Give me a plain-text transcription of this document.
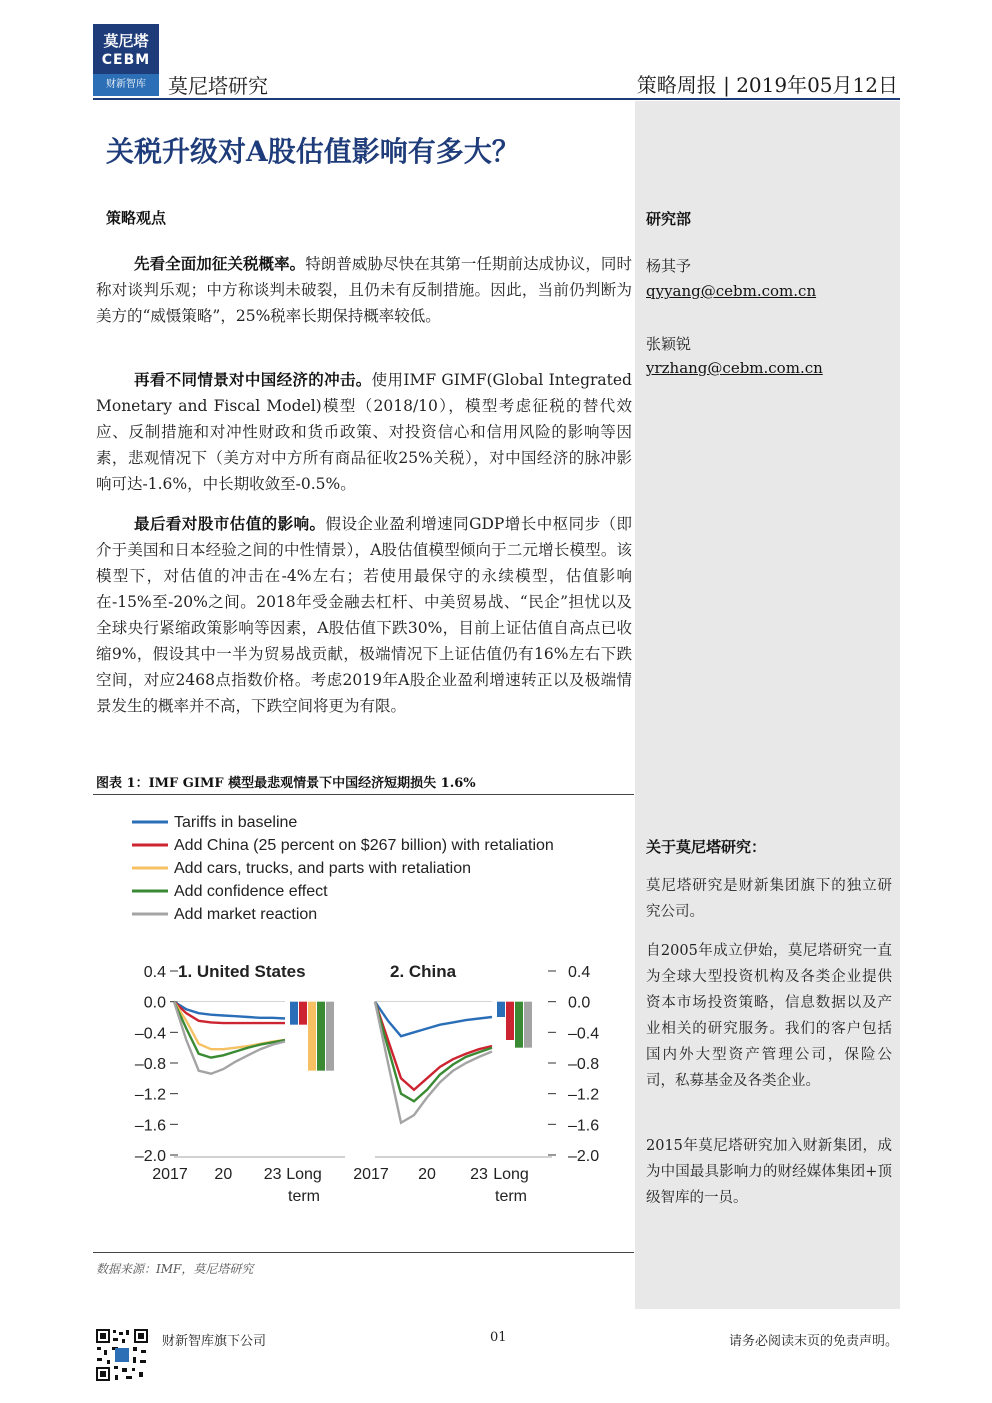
莫尼塔
CEBM
财新智库	莫尼塔研究	策略周报 | 2019年05月12日
研究部
杨其予
qyyang@cebm.com.cn
张颖锐
yrzhang@cebm.com.cn
关于莫尼塔研究：
莫尼塔研究是财新集团旗下的独立研究公司。
自2005年成立伊始，莫尼塔研究一直为全球大型投资机构及各类企业提供资本市场投资策略，信息数据以及产业相关的研究服务。我们的客户包括国内外大型资产管理公司，保险公司，私募基金及各类企业。
2015年莫尼塔研究加入财新集团，成为中国最具影响力的财经媒体集团+顶级智库的一员。
关税升级对A股估值影响有多大？
策略观点
先看全面加征关税概率。特朗普威胁尽快在其第一任期前达成协议，同时称对谈判乐观；中方称谈判未破裂，且仍未有反制措施。因此，当前仍判断为美方的“威慑策略”，25%税率长期保持概率较低。
再看不同情景对中国经济的冲击。使用IMF GIMF(Global Integrated Monetary and Fiscal Model)模型（2018/10），模型考虑征税的替代效应、反制措施和对冲性财政和货币政策、对投资信心和信用风险的影响等因素，悲观情况下（美方对中方所有商品征收25%关税），对中国经济的脉冲影响可达-1.6%，中长期收敛至-0.5%。
最后看对股市估值的影响。假设企业盈利增速同GDP增长中枢同步（即介于美国和日本经验之间的中性情景），A股估值模型倾向于二元增长模型。该模型下，对估值的冲击在-4%左右；若使用最保守的永续模型，估值影响在-15%至-20%之间。2018年受金融去杠杆、中美贸易战、“民企”担忧以及全球央行紧缩政策影响等因素，A股估值下跌30%，目前上证估值自高点已收缩9%，假设其中一半为贸易战贡献，极端情况下上证估值仍有16%左右下跌空间，对应2468点指数价格。考虑2019年A股企业盈利增速转正以及极端情景发生的概率并不高，下跌空间将更为有限。
图表 1：IMF GIMF 模型最悲观情景下中国经济短期损失 1.6%
Tariffs in baseline
Add China (25 percent on $267 billion) with retaliation
Add cars, trucks, and parts with retaliation
Add confidence effect
Add market reaction
0.4	0.4
0.0	0.0
–0.4	–0.4
–0.8	–0.8
–1.2	–1.2
–1.6	–1.6
–2.0	–2.0
1. United States
2017 20 23 Long
term
2. China
2017 20 23 Long
term
数据来源：IMF，莫尼塔研究
财新智库旗下公司	01	请务必阅读末页的免责声明。
